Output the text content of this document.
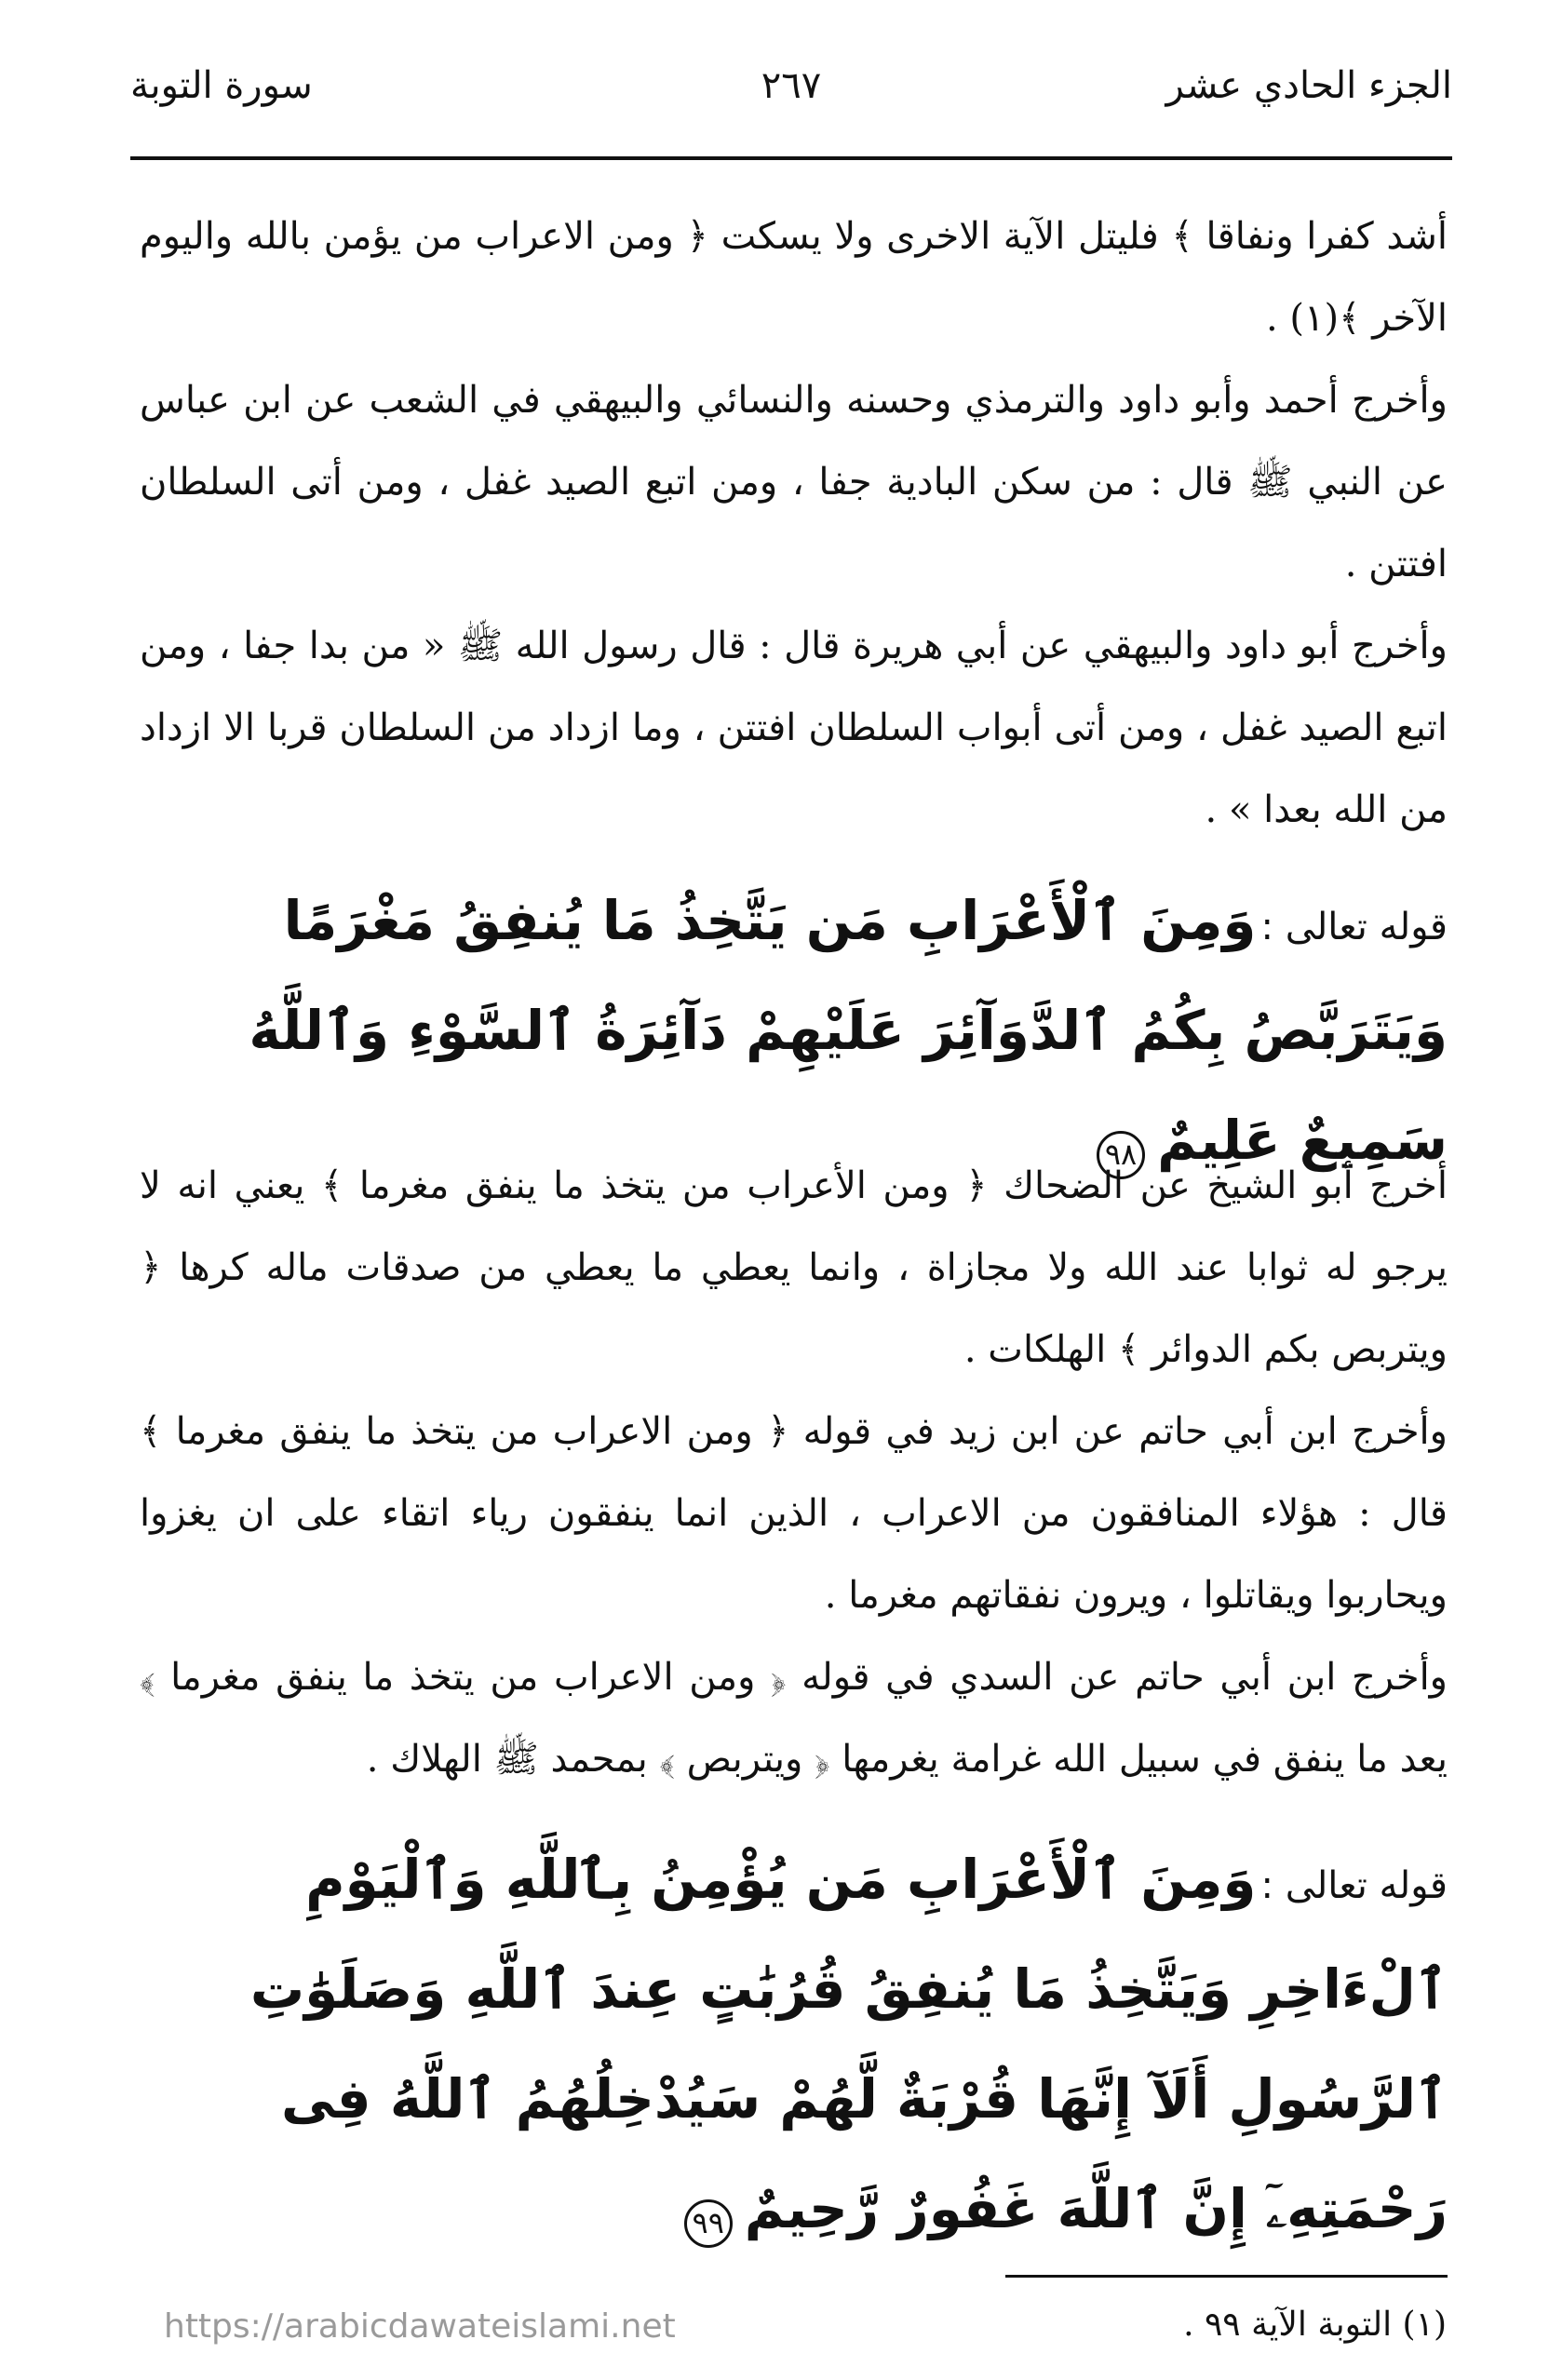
الجزء الحادي عشر
٢٦٧
سورة التوبة

أشد كفرا ونفاقا ﴾ فليتل الآية الاخرى ولا يسكت ﴿ ومن الاعراب من يؤمن بالله واليوم الآخر ﴾(١) .

وأخرج أحمد وأبو داود والترمذي وحسنه والنسائي والبيهقي في الشعب عن ابن عباس عن النبي ﷺ قال : من سكن البادية جفا ، ومن اتبع الصيد غفل ، ومن أتى السلطان افتتن .

وأخرج أبو داود والبيهقي عن أبي هريرة قال : قال رسول الله ﷺ « من بدا جفا ، ومن اتبع الصيد غفل ، ومن أتى أبواب السلطان افتتن ، وما ازداد من السلطان قربا الا ازداد من الله بعدا » .

قوله تعالى : وَمِنَ ٱلْأَعْرَابِ مَن يَتَّخِذُ مَا يُنفِقُ مَغْرَمًا وَيَتَرَبَّصُ بِكُمُ ٱلدَّوَآئِرَ عَلَيْهِمْ دَآئِرَةُ ٱلسَّوْءِ وَٱللَّهُ سَمِيعٌ عَلِيمٌ ٩٨

أخرج أبو الشيخ عن الضحاك ﴿ ومن الأعراب من يتخذ ما ينفق مغرما ﴾ يعني انه لا يرجو له ثوابا عند الله ولا مجازاة ، وانما يعطي ما يعطي من صدقات ماله كرها ﴿ ويتربص بكم الدوائر ﴾ الهلكات .

وأخرج ابن أبي حاتم عن ابن زيد في قوله ﴿ ومن الاعراب من يتخذ ما ينفق مغرما ﴾ قال : هؤلاء المنافقون من الاعراب ، الذين انما ينفقون رياء اتقاء على ان يغزوا ويحاربوا ويقاتلوا ، ويرون نفقاتهم مغرما .

وأخرج ابن أبي حاتم عن السدي في قوله ﴿ ومن الاعراب من يتخذ ما ينفق مغرما ﴾ يعد ما ينفق في سبيل الله غرامة يغرمها ﴿ ويتربص ﴾ بمحمد ﷺ الهلاك .

قوله تعالى : وَمِنَ ٱلْأَعْرَابِ مَن يُؤْمِنُ بِٱللَّهِ وَٱلْيَوْمِ ٱلْءَاخِرِ وَيَتَّخِذُ مَا يُنفِقُ قُرُبَٰتٍ عِندَ ٱللَّهِ وَصَلَوَٰتِ ٱلرَّسُولِ أَلَآ إِنَّهَا قُرْبَةٌ لَّهُمْ سَيُدْخِلُهُمُ ٱللَّهُ فِى رَحْمَتِهِۦٓ إِنَّ ٱللَّهَ غَفُورٌ رَّحِيمٌ ٩٩
(١) التوبة الآية ٩٩ .
https://arabicdawateislami.net
